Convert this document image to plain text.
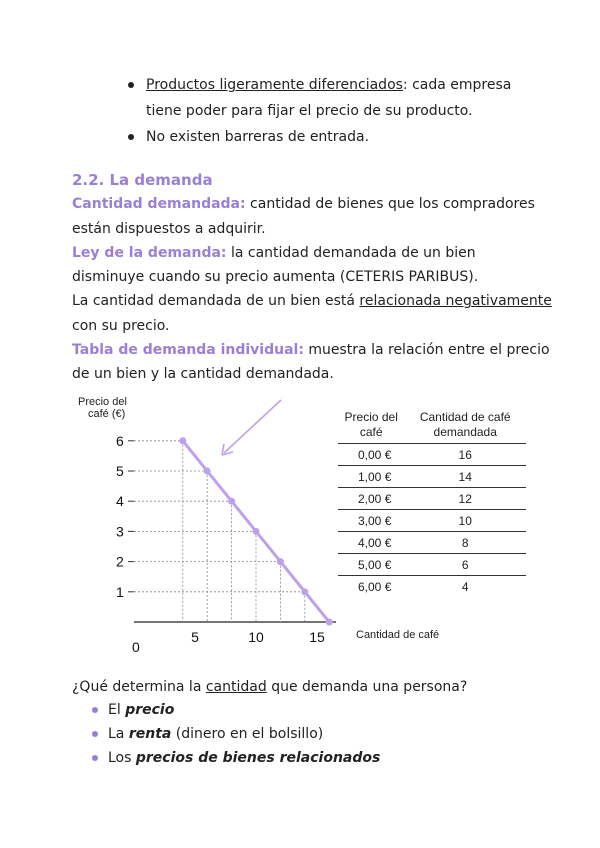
Productos ligeramente diferenciados: cada empresa tiene poder para fijar el precio de su producto.
No existen barreras de entrada.
2.2. La demanda
Cantidad demandada: cantidad de bienes que los compradores están dispuestos a adquirir.
Ley de la demanda: la cantidad demandada de un bien disminuye cuando su precio aumenta (CETERIS PARIBUS).
La cantidad demandada de un bien está relacionada negativamente con su precio.
Tabla de demanda individual: muestra la relación entre el precio de un bien y la cantidad demandada.
Precio del
café (€)
Cantidad de café
0
1
2
3
4
5
6
5	10	15
Precio del café	Cantidad de café demandada
0,00 €	16
1,00 €	14
2,00 €	12
3,00 €	10
4,00 €	8
5,00 €	6
6,00 €	4
¿Qué determina la cantidad que demanda una persona?
El precio
La renta (dinero en el bolsillo)
Los precios de bienes relacionados
